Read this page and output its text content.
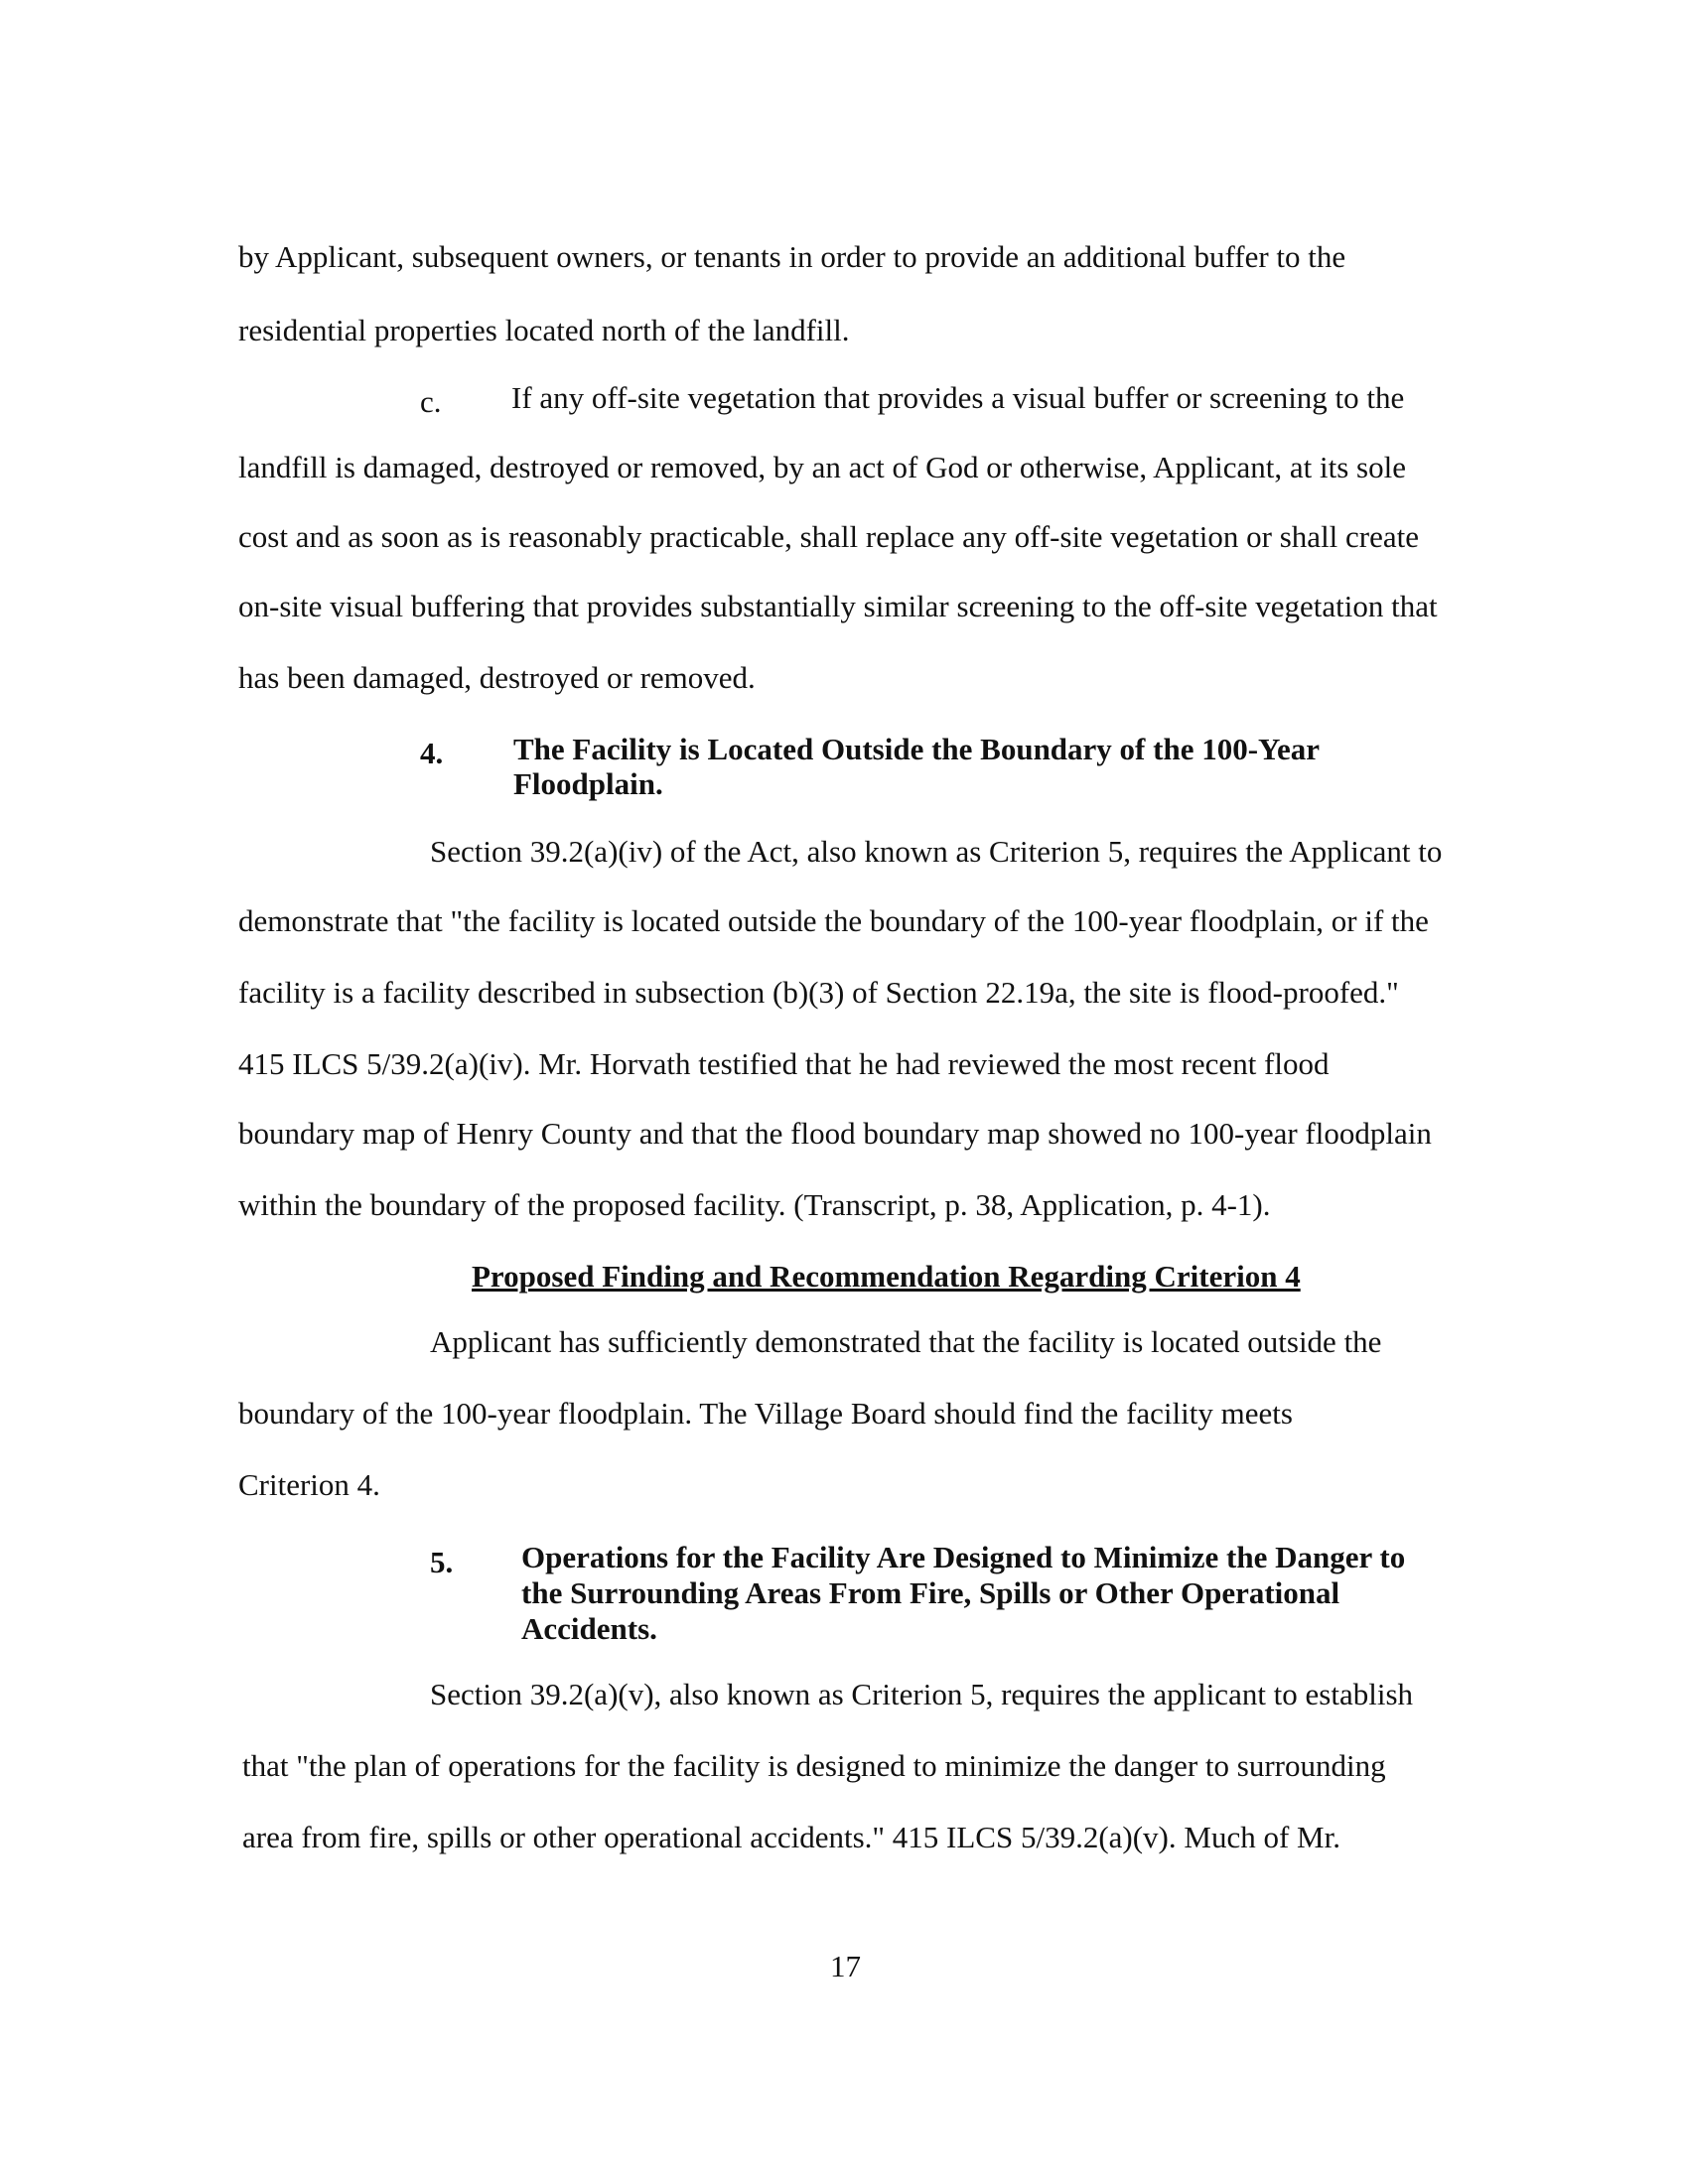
by Applicant, subsequent owners, or tenants in order to provide an additional buffer to the
residential properties located north of the landfill.
c. If any off-site vegetation that provides a visual buffer or screening to the
landfill is damaged, destroyed or removed, by an act of God or otherwise, Applicant, at its sole
cost and as soon as is reasonably practicable, shall replace any off-site vegetation or shall create
on-site visual buffering that provides substantially similar screening to the off-site vegetation that
has been damaged, destroyed or removed.
4. The Facility is Located Outside the Boundary of the 100-Year
Floodplain.
Section 39.2(a)(iv) of the Act, also known as Criterion 5, requires the Applicant to
demonstrate that "the facility is located outside the boundary of the 100-year floodplain, or if the
facility is a facility described in subsection (b)(3) of Section 22.19a, the site is flood-proofed."
415 ILCS 5/39.2(a)(iv). Mr. Horvath testified that he had reviewed the most recent flood
boundary map of Henry County and that the flood boundary map showed no 100-year floodplain
within the boundary of the proposed facility. (Transcript, p. 38, Application, p. 4-1).
Proposed Finding and Recommendation Regarding Criterion 4
Applicant has sufficiently demonstrated that the facility is located outside the
boundary of the 100-year floodplain. The Village Board should find the facility meets
Criterion 4.
5. Operations for the Facility Are Designed to Minimize the Danger to
the Surrounding Areas From Fire, Spills or Other Operational
Accidents.
Section 39.2(a)(v), also known as Criterion 5, requires the applicant to establish
that "the plan of operations for the facility is designed to minimize the danger to surrounding
area from fire, spills or other operational accidents." 415 ILCS 5/39.2(a)(v). Much of Mr.
17
